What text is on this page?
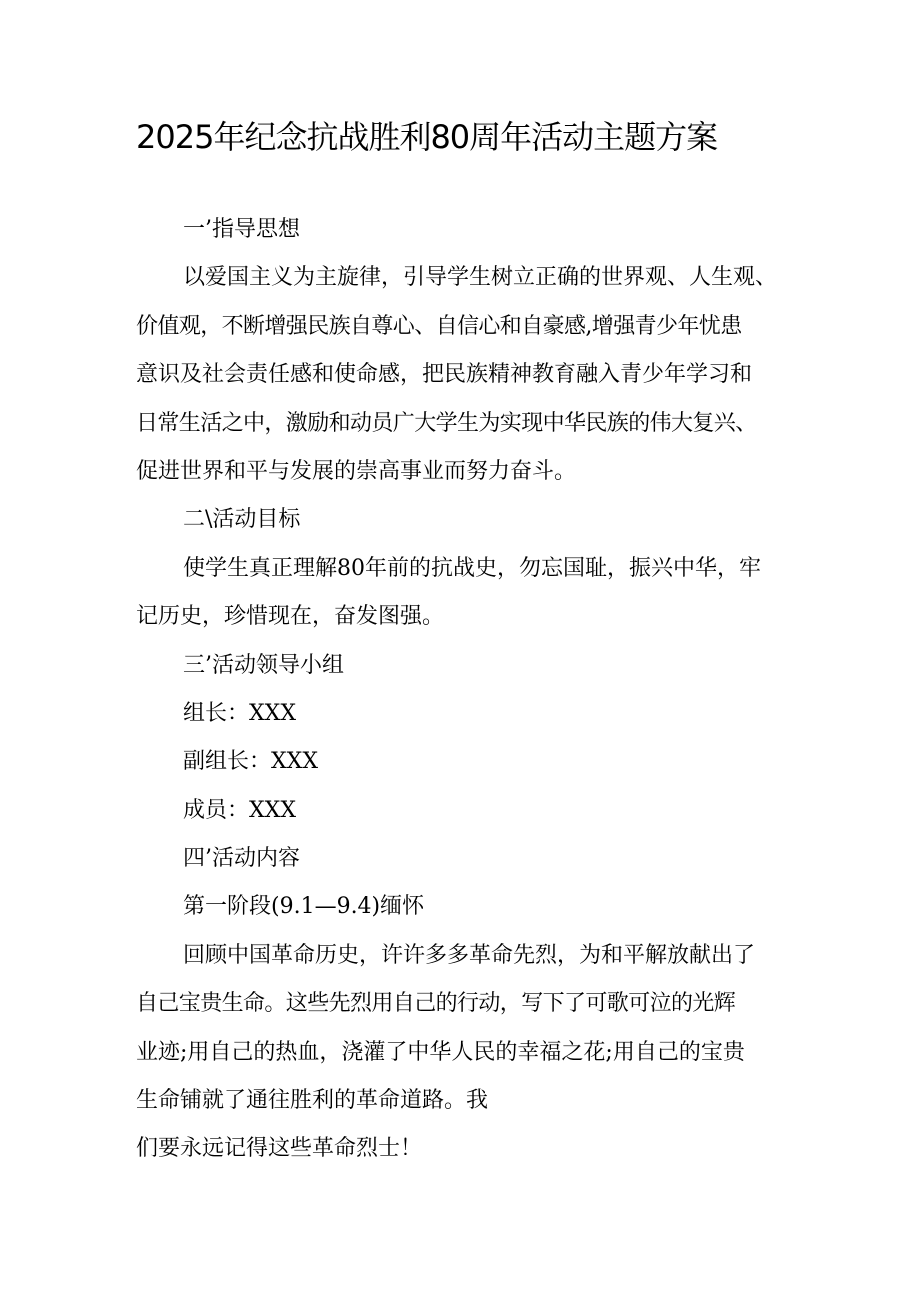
2025年纪念抗战胜利80周年活动主题方案
一’指导思想
以爱国主义为主旋律，引导学生树立正确的世界观、人生观、
价值观，不断增强民族自尊心、自信心和自豪感,增强青少年忧患
意识及社会责任感和使命感，把民族精神教育融入青少年学习和
日常生活之中，激励和动员广大学生为实现中华民族的伟大复兴、
促进世界和平与发展的崇高事业而努力奋斗。
二\活动目标
使学生真正理解80年前的抗战史，勿忘国耻，振兴中华，牢
记历史，珍惜现在，奋发图强。
三’活动领导小组
组长：XXX
副组长：XXX
成员：XXX
四’活动内容
第一阶段(9.1—9.4)缅怀
回顾中国革命历史，许许多多革命先烈，为和平解放献出了
自己宝贵生命。这些先烈用自己的行动，写下了可歌可泣的光辉
业迹;用自己的热血，浇灌了中华人民的幸福之花;用自己的宝贵
生命铺就了通往胜利的革命道路。我
们要永远记得这些革命烈士！
